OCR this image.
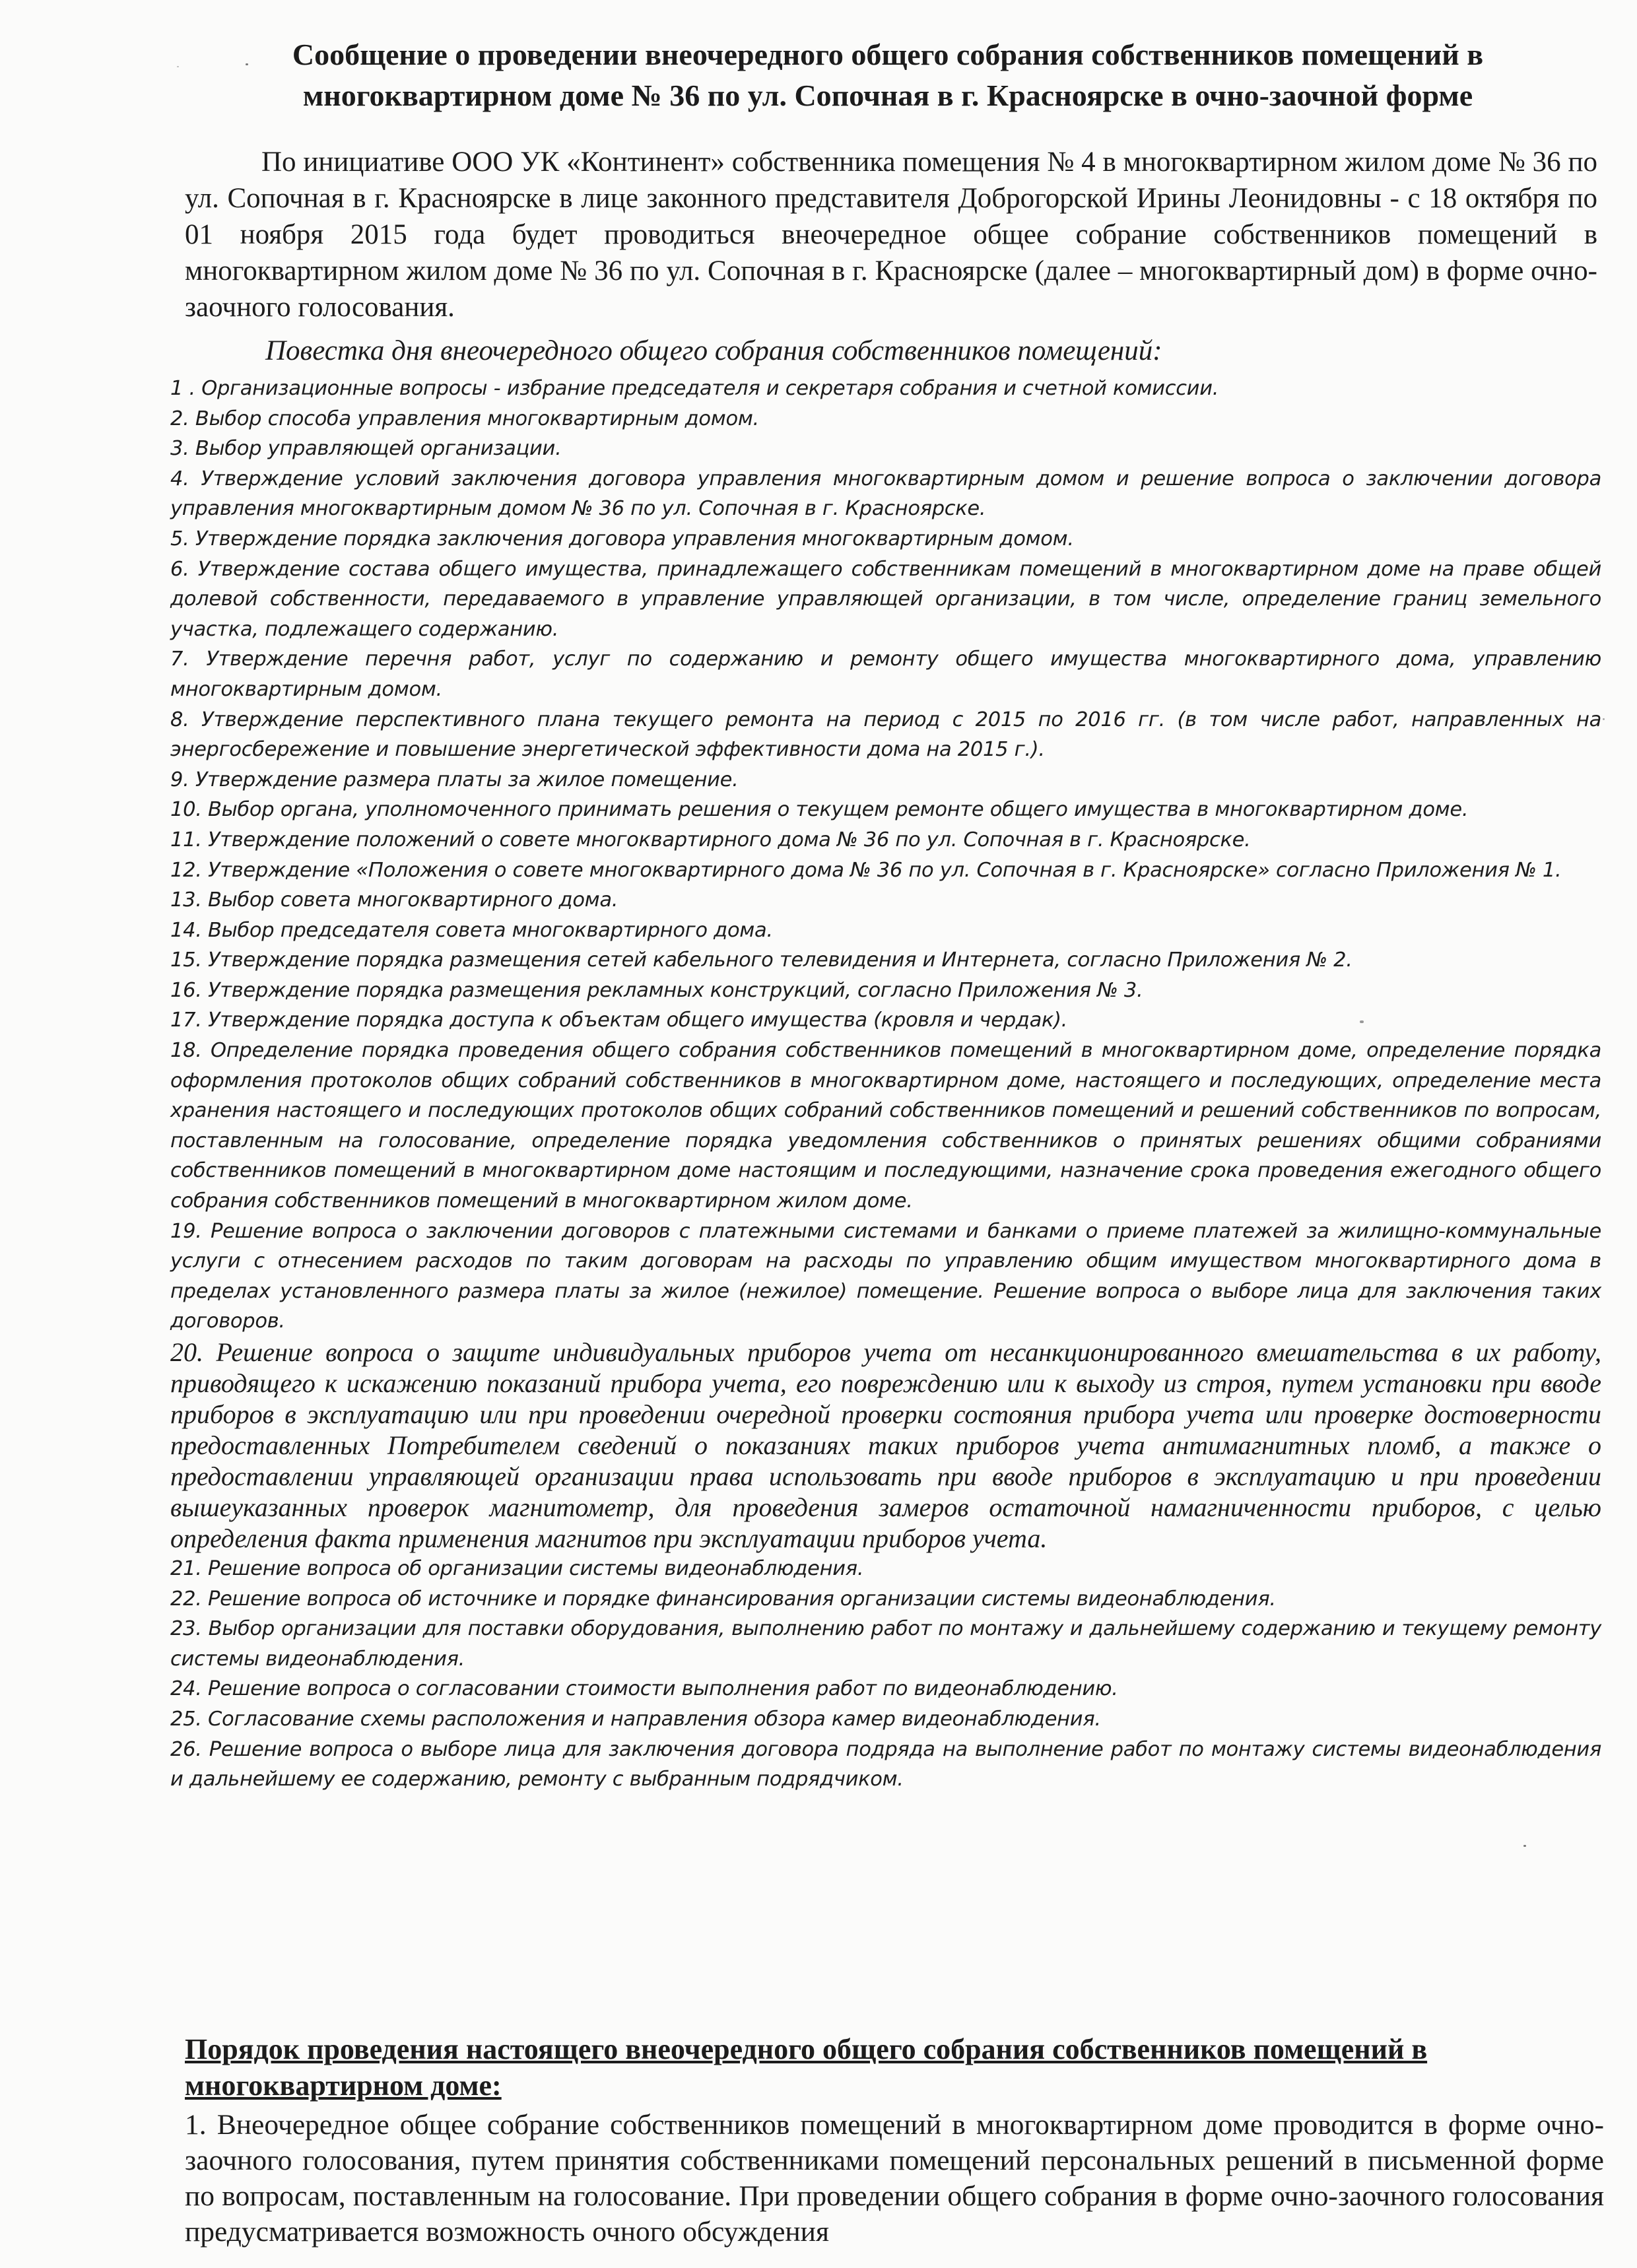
Сообщение о проведении внеочередного общего собрания собственников помещений в многоквартирном доме № 36 по ул. Сопочная в г. Красноярске в очно-заочной форме

По инициативе ООО УК «Континент» собственника помещения № 4 в многоквартирном жилом доме № 36 по ул. Сопочная в г. Красноярске в лице законного представителя Доброгорской Ирины Леонидовны - с 18 октября по 01 ноября 2015 года будет проводиться внеочередное общее собрание собственников помещений в многоквартирном жилом доме № 36 по ул. Сопочная в г. Красноярске (далее – многоквартирный дом) в форме очно-заочного голосования.

Повестка дня внеочередного общего собрания собственников помещений:
1 . Организационные вопросы - избрание председателя и секретаря собрания и счетной комиссии.
2. Выбор способа управления многоквартирным домом.
3. Выбор управляющей организации.
4. Утверждение условий заключения договора управления многоквартирным домом и решение вопроса о заключении договора управления многоквартирным домом № 36 по ул. Сопочная в г. Красноярске.
5. Утверждение порядка заключения договора управления многоквартирным домом.
6. Утверждение состава общего имущества, принадлежащего собственникам помещений в многоквартирном доме на праве общей долевой собственности, передаваемого в управление управляющей организации, в том числе, определение границ земельного участка, подлежащего содержанию.
7. Утверждение перечня работ, услуг по содержанию и ремонту общего имущества многоквартирного дома, управлению многоквартирным домом.
8. Утверждение перспективного плана текущего ремонта на период с 2015 по 2016 гг. (в том числе работ, направленных на энергосбережение и повышение энергетической эффективности дома на 2015 г.).
9. Утверждение размера платы за жилое помещение.
10. Выбор органа, уполномоченного принимать решения о текущем ремонте общего имущества в многоквартирном доме.
11. Утверждение положений о совете многоквартирного дома № 36 по ул. Сопочная в г. Красноярске.
12. Утверждение «Положения о совете многоквартирного дома № 36 по ул. Сопочная в г. Красноярске» согласно Приложения № 1.
13. Выбор совета многоквартирного дома.
14. Выбор председателя совета многоквартирного дома.
15. Утверждение порядка размещения сетей кабельного телевидения и Интернета, согласно Приложения № 2.
16. Утверждение порядка размещения рекламных конструкций, согласно Приложения № 3.
17. Утверждение порядка доступа к объектам общего имущества (кровля и чердак).
18. Определение порядка проведения общего собрания собственников помещений в многоквартирном доме, определение порядка оформления протоколов общих собраний собственников в многоквартирном доме, настоящего и последующих, определение места хранения настоящего и последующих протоколов общих собраний собственников помещений и решений собственников по вопросам, поставленным на голосование, определение порядка уведомления собственников о принятых решениях общими собраниями собственников помещений в многоквартирном доме настоящим и последующими, назначение срока проведения ежегодного общего собрания собственников помещений в многоквартирном жилом доме.
19. Решение вопроса о заключении договоров с платежными системами и банками о приеме платежей за жилищно-коммунальные услуги с отнесением расходов по таким договорам на расходы по управлению общим имуществом многоквартирного дома в пределах установленного размера платы за жилое (нежилое) помещение. Решение вопроса о выборе лица для заключения таких договоров.
20. Решение вопроса о защите индивидуальных приборов учета от несанкционированного вмешательства в их работу, приводящего к искажению показаний прибора учета, его повреждению или к выходу из строя, путем установки при вводе приборов в эксплуатацию или при проведении очередной проверки состояния прибора учета или проверке достоверности предоставленных Потребителем сведений о показаниях таких приборов учета антимагнитных пломб, а также о предоставлении управляющей организации права использовать при вводе приборов в эксплуатацию и при проведении вышеуказанных проверок магнитометр, для проведения замеров остаточной намагниченности приборов, с целью определения факта применения магнитов при эксплуатации приборов учета.
21. Решение вопроса об организации системы видеонаблюдения.
22. Решение вопроса об источнике и порядке финансирования организации системы видеонаблюдения.
23. Выбор организации для поставки оборудования, выполнению работ по монтажу и дальнейшему содержанию и текущему ремонту системы видеонаблюдения.
24. Решение вопроса о согласовании стоимости выполнения работ по видеонаблюдению.
25. Согласование схемы расположения и направления обзора камер видеонаблюдения.
26. Решение вопроса о выборе лица для заключения договора подряда на выполнение работ по монтажу системы видеонаблюдения и дальнейшему ее содержанию, ремонту с выбранным подрядчиком.
Порядок проведения настоящего внеочередного общего собрания собственников помещений в многоквартирном доме:

1. Внеочередное общее собрание собственников помещений в многоквартирном доме проводится в форме очно-заочного голосования, путем принятия собственниками помещений персональных решений в письменной форме по вопросам, поставленным на голосование. При проведении общего собрания в форме очно-заочного голосования предусматривается возможность очного обсуждения
